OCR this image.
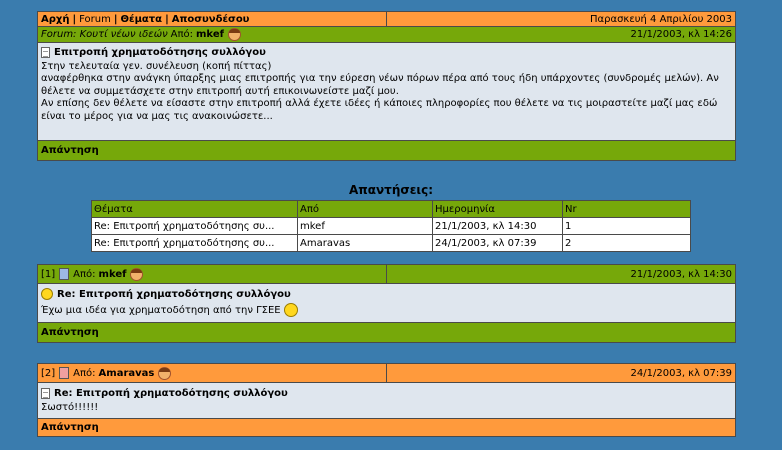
Αρχή | Forum | Θέματα | Αποσυνδέσου	Παρασκευή 4 Απριλίου 2003
Forum: Κουτί νέων ιδεών Από: mkef	21/1/2003, κλ 14:26
Επιτροπή χρηματοδότησης συλλόγου
Στην τελευταία γεν. συνέλευση (κοπή πίττας)
αναφέρθηκα στην ανάγκη ύπαρξης μιας επιτροπής για την εύρεση νέων πόρων πέρα από τους ήδη υπάρχοντες (συνδρομές μελών). Αν θέλετε να συμμετάσχετε στην επιτροπή αυτή επικοινωνείστε μαζί μου.
Αν επίσης δεν θέλετε να είσαστε στην επιτροπή αλλά έχετε ιδέες ή κάποιες πληροφορίες που θέλετε να τις μοιραστείτε μαζί μας εδώ είναι το μέρος για να μας τις ανακοινώσετε...
Απάντηση
Απαντήσεις:
Θέματα	Από	Ημερομηνία	Nr
Re: Επιτροπή χρηματοδότησης συ...	mkef	21/1/2003, κλ 14:30	1
Re: Επιτροπή χρηματοδότησης συ...	Amaravas	24/1/2003, κλ 07:39	2
[1] Από: mkef	21/1/2003, κλ 14:30
Re: Επιτροπή χρηματοδότησης συλλόγου
Έχω μια ιδέα για χρηματοδότηση από την ΓΣΕΕ
Απάντηση
[2] Από: Amaravas	24/1/2003, κλ 07:39
Re: Επιτροπή χρηματοδότησης συλλόγου
Σωστό!!!!!!
Απάντηση
